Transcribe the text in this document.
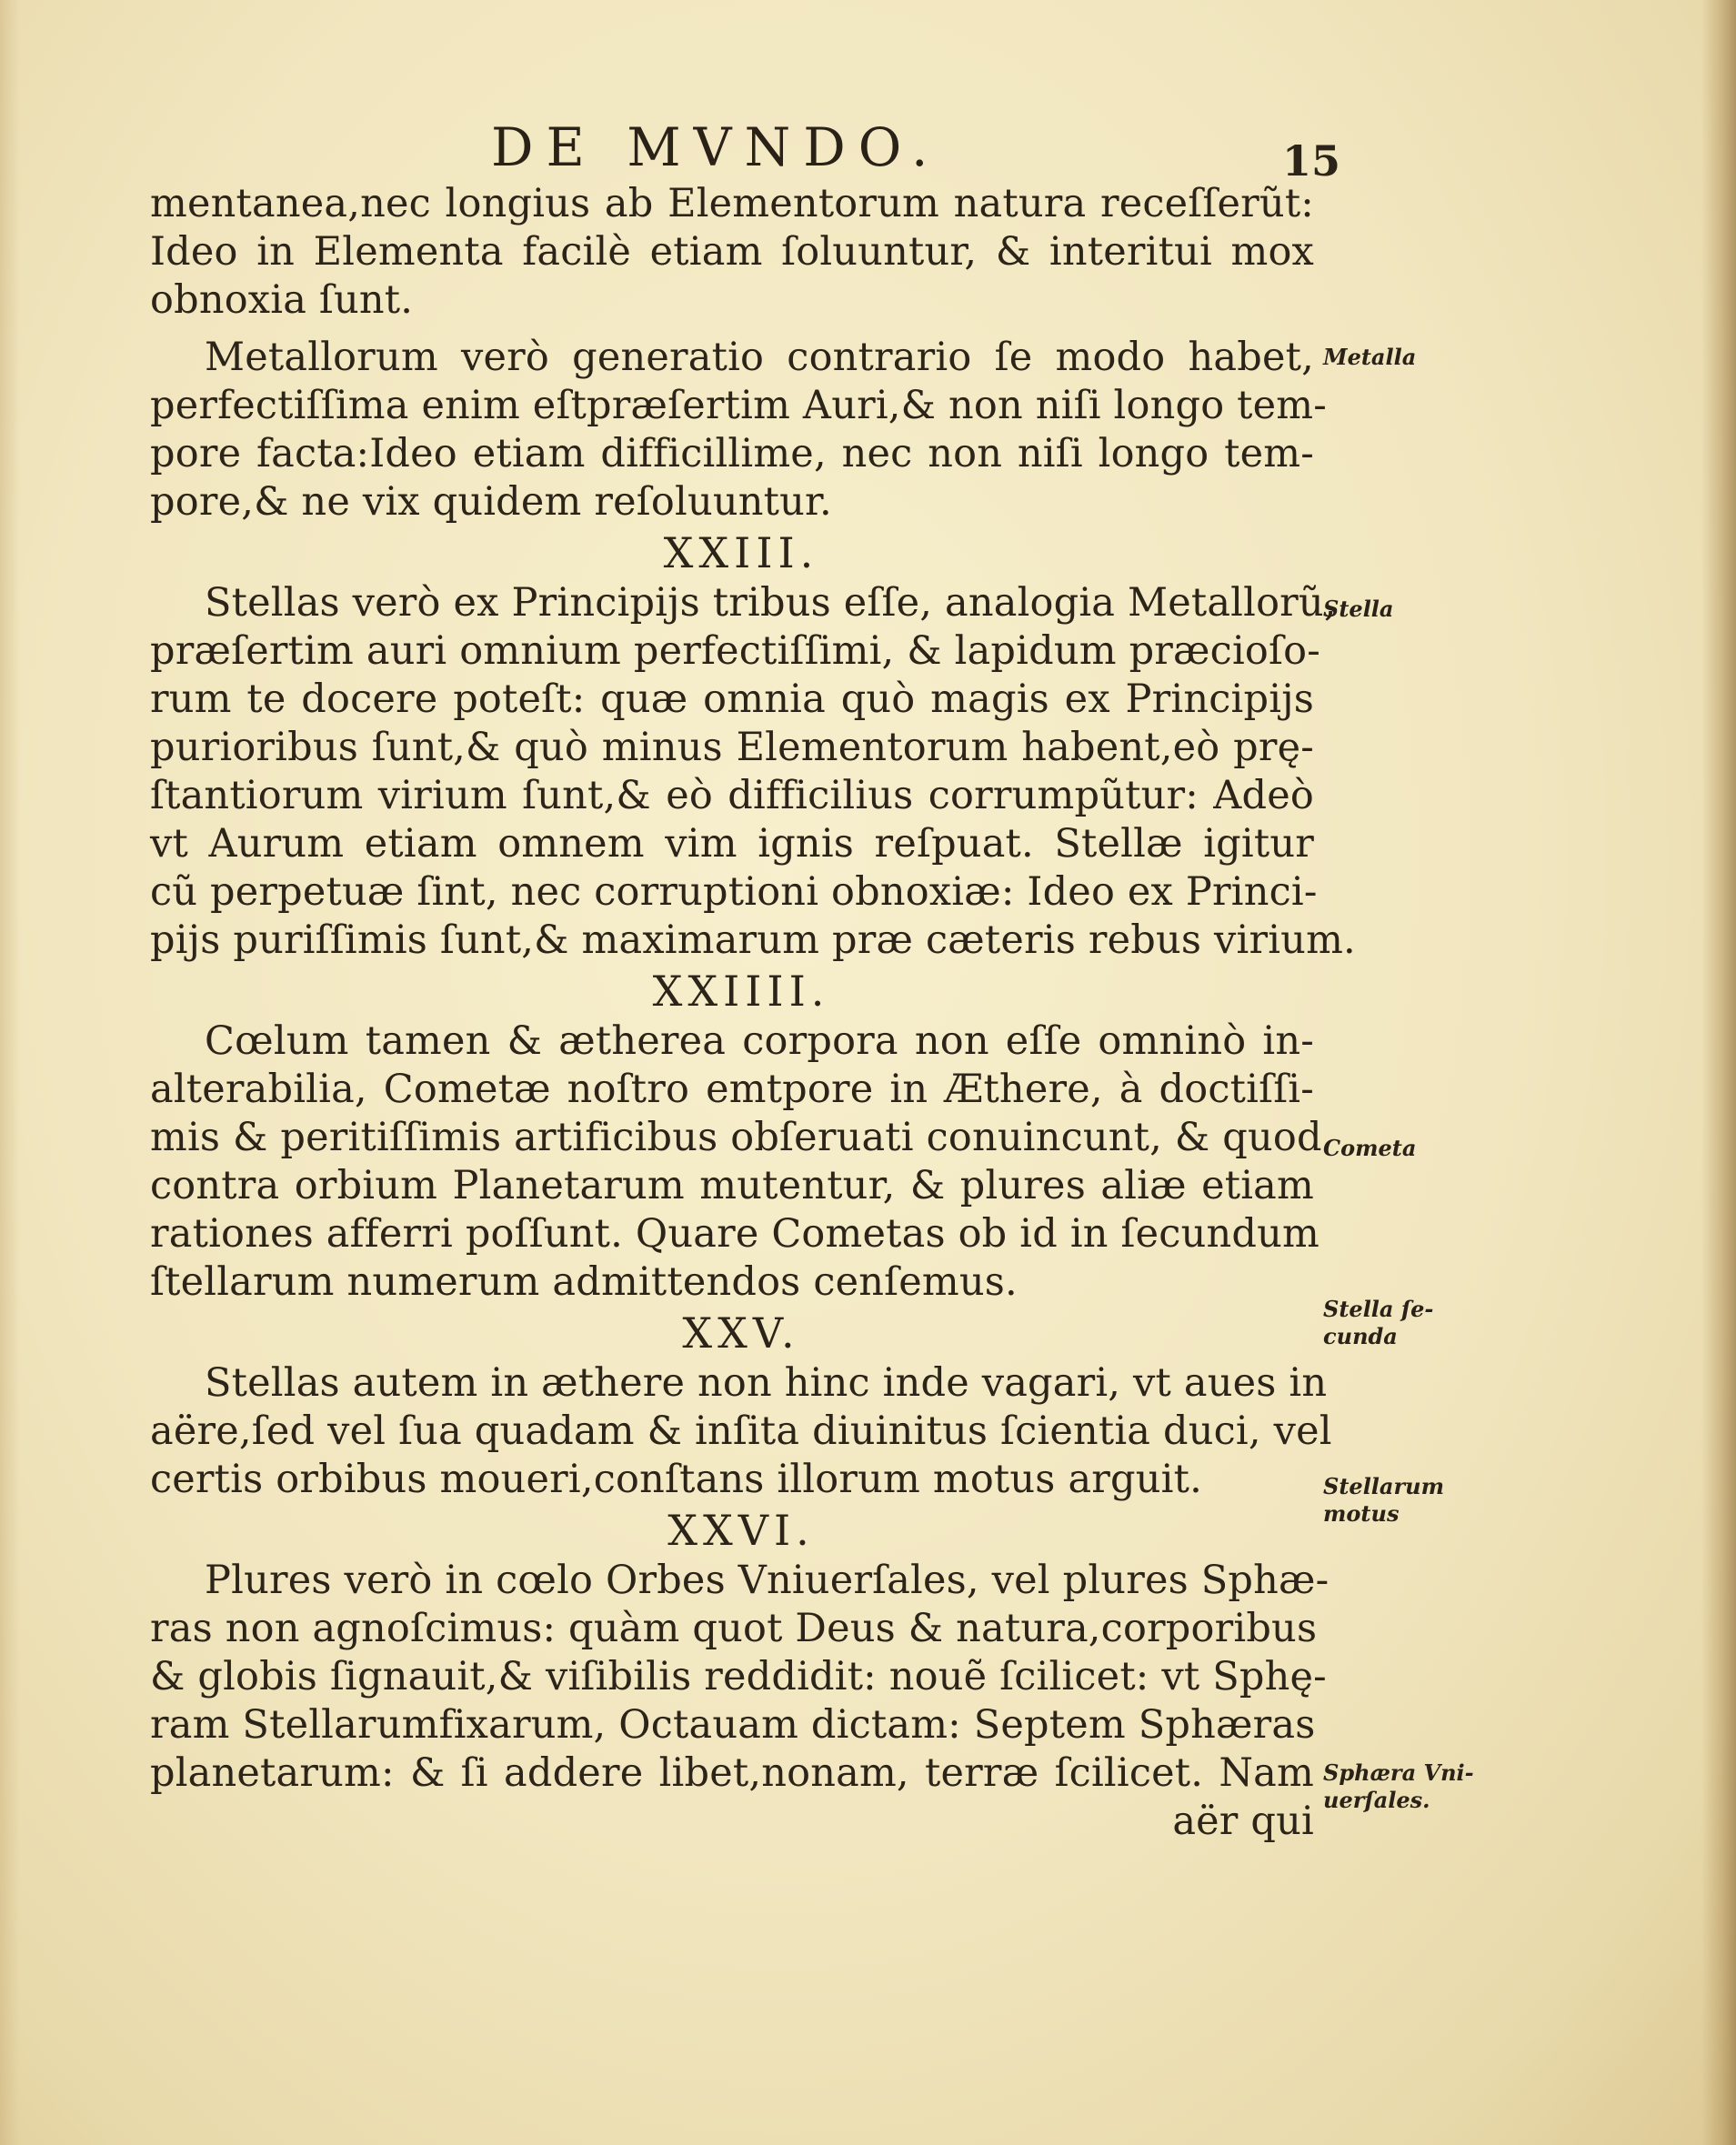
DE MVNDO.	15
mentanea,nec longius ab Elementorum natura receſſerũt:
Ideo in Elementa facilè etiam ſoluuntur, & interitui mox
obnoxia ſunt.
Metallorum verò generatio contrario ſe modo habet,
perfectiſſima enim eſtpræſertim Auri,& non niſi longo tem-
pore facta:Ideo etiam difficillime, nec non niſi longo tem-
pore,& ne vix quidem reſoluuntur.
XXIII.
Stellas verò ex Principijs tribus eſſe, analogia Metallorũ,
præſertim auri omnium perfectiſſimi, & lapidum præcioſo-
rum te docere poteſt: quæ omnia quò magis ex Principijs
purioribus ſunt,& quò minus Elementorum habent,eò prę-
ſtantiorum virium ſunt,& eò difficilius corrumpũtur: Adeò
vt Aurum etiam omnem vim ignis reſpuat. Stellæ igitur
cũ perpetuæ ſint, nec corruptioni obnoxiæ: Ideo ex Princi-
pijs puriſſimis ſunt,& maximarum præ cæteris rebus virium.
XXIIII.
Cœlum tamen & ætherea corpora non eſſe omninò in-
alterabilia, Cometæ noſtro emtpore in Æthere, à doctiſſi-
mis & peritiſſimis artificibus obſeruati conuincunt, & quod
contra orbium Planetarum mutentur, & plures aliæ etiam
rationes afferri poſſunt. Quare Cometas ob id in ſecundum
ſtellarum numerum admittendos cenſemus.
XXV.
Stellas autem in æthere non hinc inde vagari, vt aues in
aëre,ſed vel ſua quadam & inſita diuinitus ſcientia duci, vel
certis orbibus moueri,conſtans illorum motus arguit.
XXVI.
Plures verò in cœlo Orbes Vniuerſales, vel plures Sphæ-
ras non agnoſcimus: quàm quot Deus & natura,corporibus
& globis ſignauit,& viſibilis reddidit: nouẽ ſcilicet: vt Sphę-
ram Stellarumfixarum, Octauam dictam: Septem Sphæras
planetarum: & ſi addere libet,nonam, terræ ſcilicet. Nam
aër qui
Metalla
Stella
Cometa
Stella ſe-
cunda
Stellarum
motus
Sphæra Vni-
uerſales.
